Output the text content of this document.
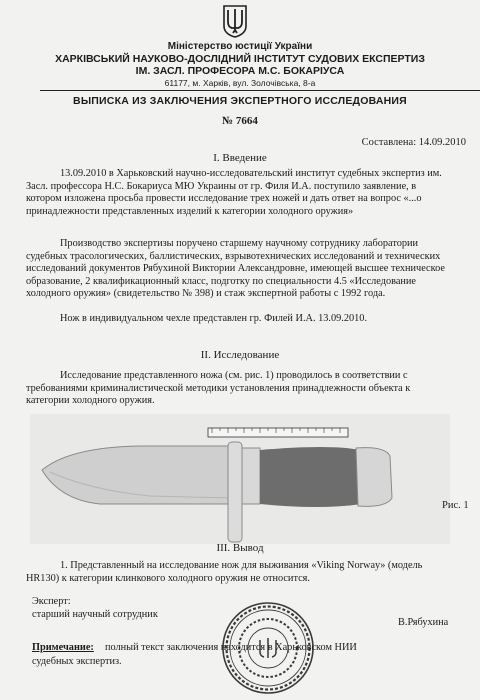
Міністерство юстиції України
ХАРКІВСЬКИЙ НАУКОВО-ДОСЛІДНИЙ ІНСТИТУТ СУДОВИХ ЕКСПЕРТИЗ
ІМ. ЗАСЛ. ПРОФЕСОРА М.С. БОКАРІУСА
61177, м. Харків, вул. Золочівська, 8-а
ВЫПИСКА ИЗ ЗАКЛЮЧЕНИЯ ЭКСПЕРТНОГО ИССЛЕДОВАНИЯ
№ 7664
Составлена: 14.09.2010
I. Введение
13.09.2010 в Харьковский научно-исследовательский институт судебных экспертиз им.
Засл. профессора Н.С. Бокариуса МЮ Украины от гр. Филя И.А. поступило заявление, в
котором изложена просьба провести исследование трех ножей и дать ответ на вопрос «...о
принадлежности представленных изделий к категории холодного оружия»
Производство экспертизы поручено старшему научному сотруднику лаборатории
судебных трасологических, баллистических, взрывотехнических исследований и технических
исследований документов Рябухиной Виктории Александровне, имеющей высшее техническое
образование, 2 квалификационный класс, подготку по специальности 4.5 «Исследование
холодного оружия» (свидетельство № 398) и стаж экспертной работы с 1992 года.
Нож в индивидуальном чехле представлен гр. Филей И.А. 13.09.2010.
II. Исследование
Исследование представленного ножа (см. рис. 1) проводилось в соответствии с
требованиями криминалистической методики установления принадлежности объекта к
категории холодного оружия.
Рис. 1
III. Вывод
1. Представленный на исследование нож для выживания «Viking Norway» (модель
HR130) к категории клинкового холодного оружия не относится.
Эксперт:
старший научный сотрудник
В.Рябухина
Примечание: полный текст заключения находится в Харьковском НИИ
судебных экспертиз.
